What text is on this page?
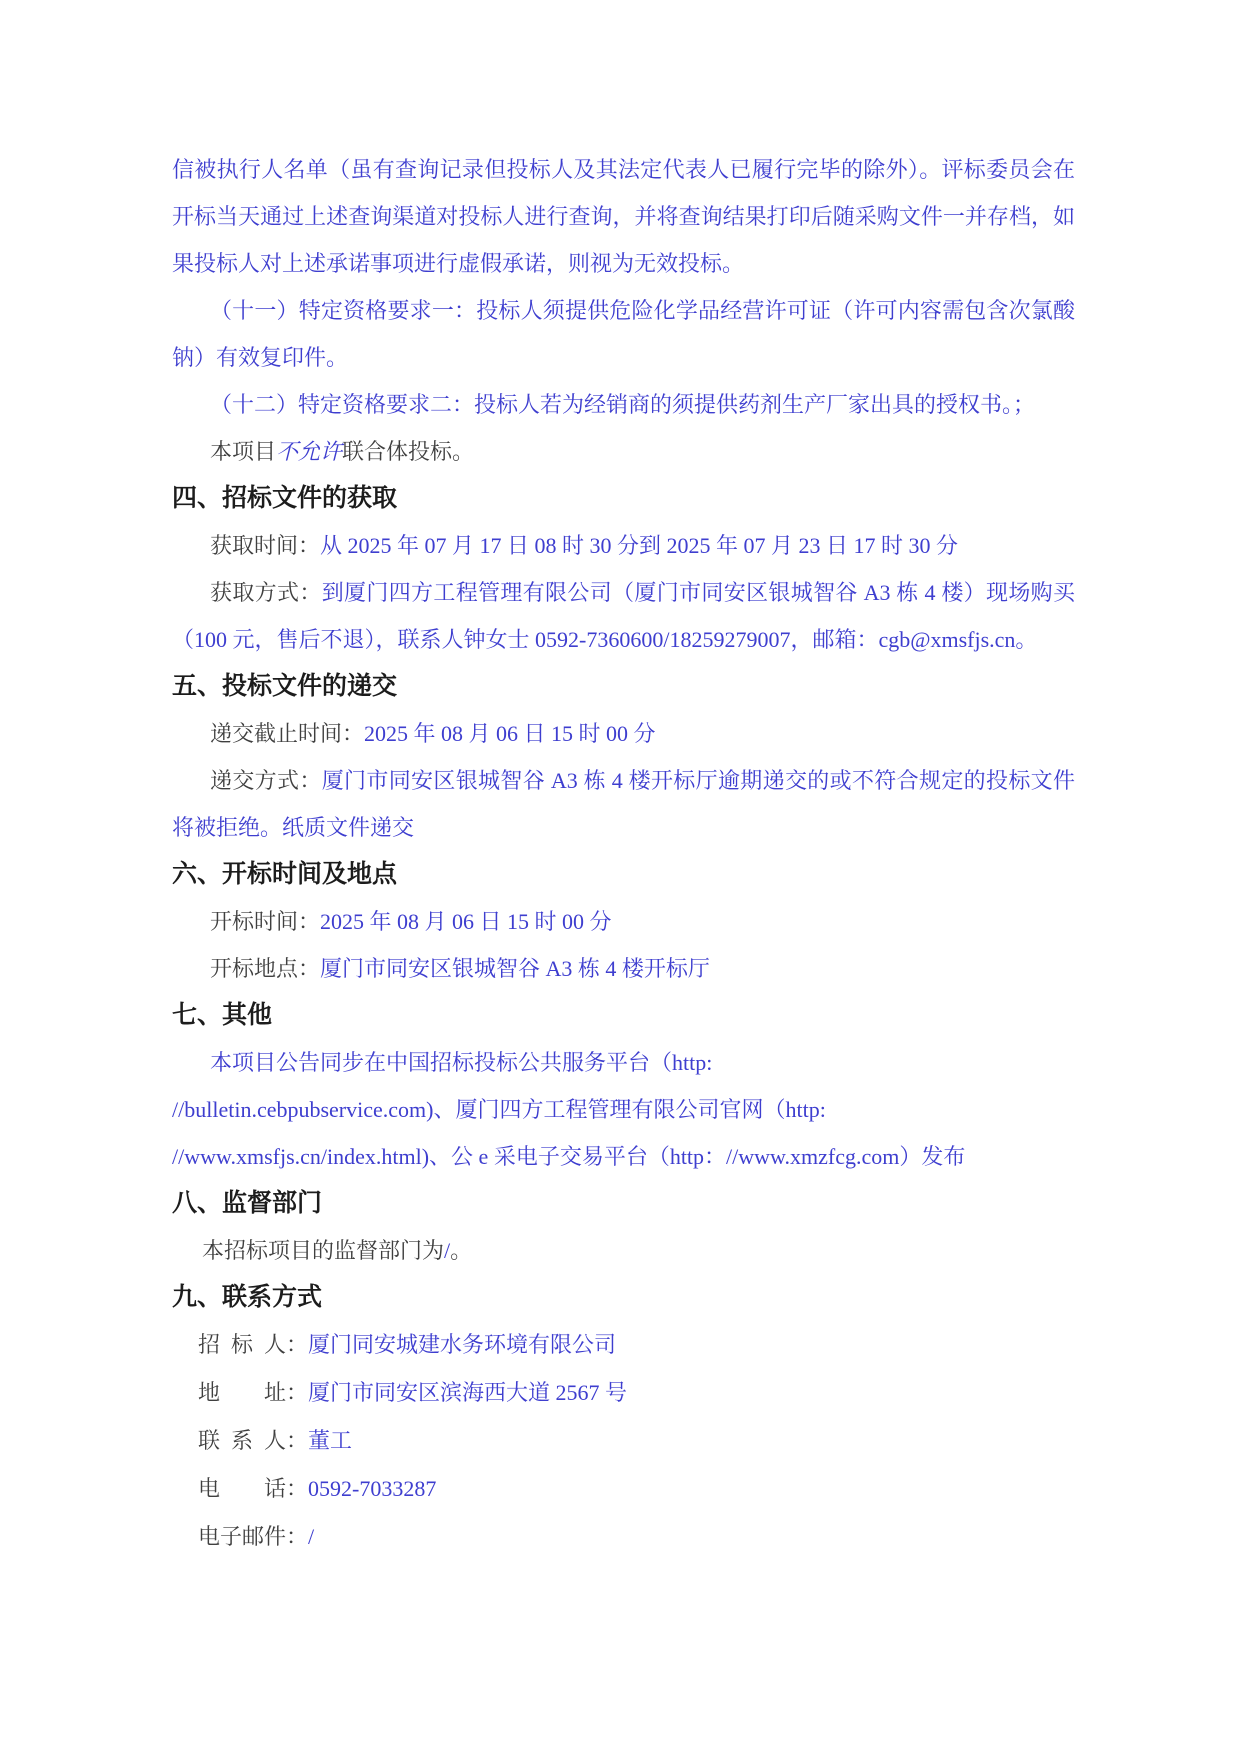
信被执行人名单（虽有查询记录但投标人及其法定代表人已履行完毕的除外）。评标委员会在开标当天通过上述查询渠道对投标人进行查询，并将查询结果打印后随采购文件一并存档，如果投标人对上述承诺事项进行虚假承诺，则视为无效投标。

（十一）特定资格要求一：投标人须提供危险化学品经营许可证（许可内容需包含次氯酸钠）有效复印件。

（十二）特定资格要求二：投标人若为经销商的须提供药剂生产厂家出具的授权书。；

本项目不允许联合体投标。

四、招标文件的获取

获取时间：从 2025 年 07 月 17 日 08 时 30 分到 2025 年 07 月 23 日 17 时 30 分

获取方式：到厦门四方工程管理有限公司（厦门市同安区银城智谷 A3 栋 4 楼）现场购买（100 元，售后不退），联系人钟女士 0592-7360600/18259279007，邮箱：cgb@xmsfjs.cn。

五、投标文件的递交

递交截止时间：2025 年 08 月 06 日 15 时 00 分

递交方式：厦门市同安区银城智谷 A3 栋 4 楼开标厅逾期递交的或不符合规定的投标文件将被拒绝。纸质文件递交

六、开标时间及地点

开标时间：2025 年 08 月 06 日 15 时 00 分

开标地点：厦门市同安区银城智谷 A3 栋 4 楼开标厅

七、其他

本项目公告同步在中国招标投标公共服务平台（http:
//bulletin.cebpubservice.com)、厦门四方工程管理有限公司官网（http:
//www.xmsfjs.cn/index.html)、公 e 采电子交易平台（http：//www.xmzfcg.com）发布

八、监督部门

本招标项目的监督部门为/。

九、联系方式

招  标  人：厦门同安城建水务环境有限公司

地　　址：厦门市同安区滨海西大道 2567 号

联  系  人：董工

电　　话：0592-7033287

电子邮件：/
